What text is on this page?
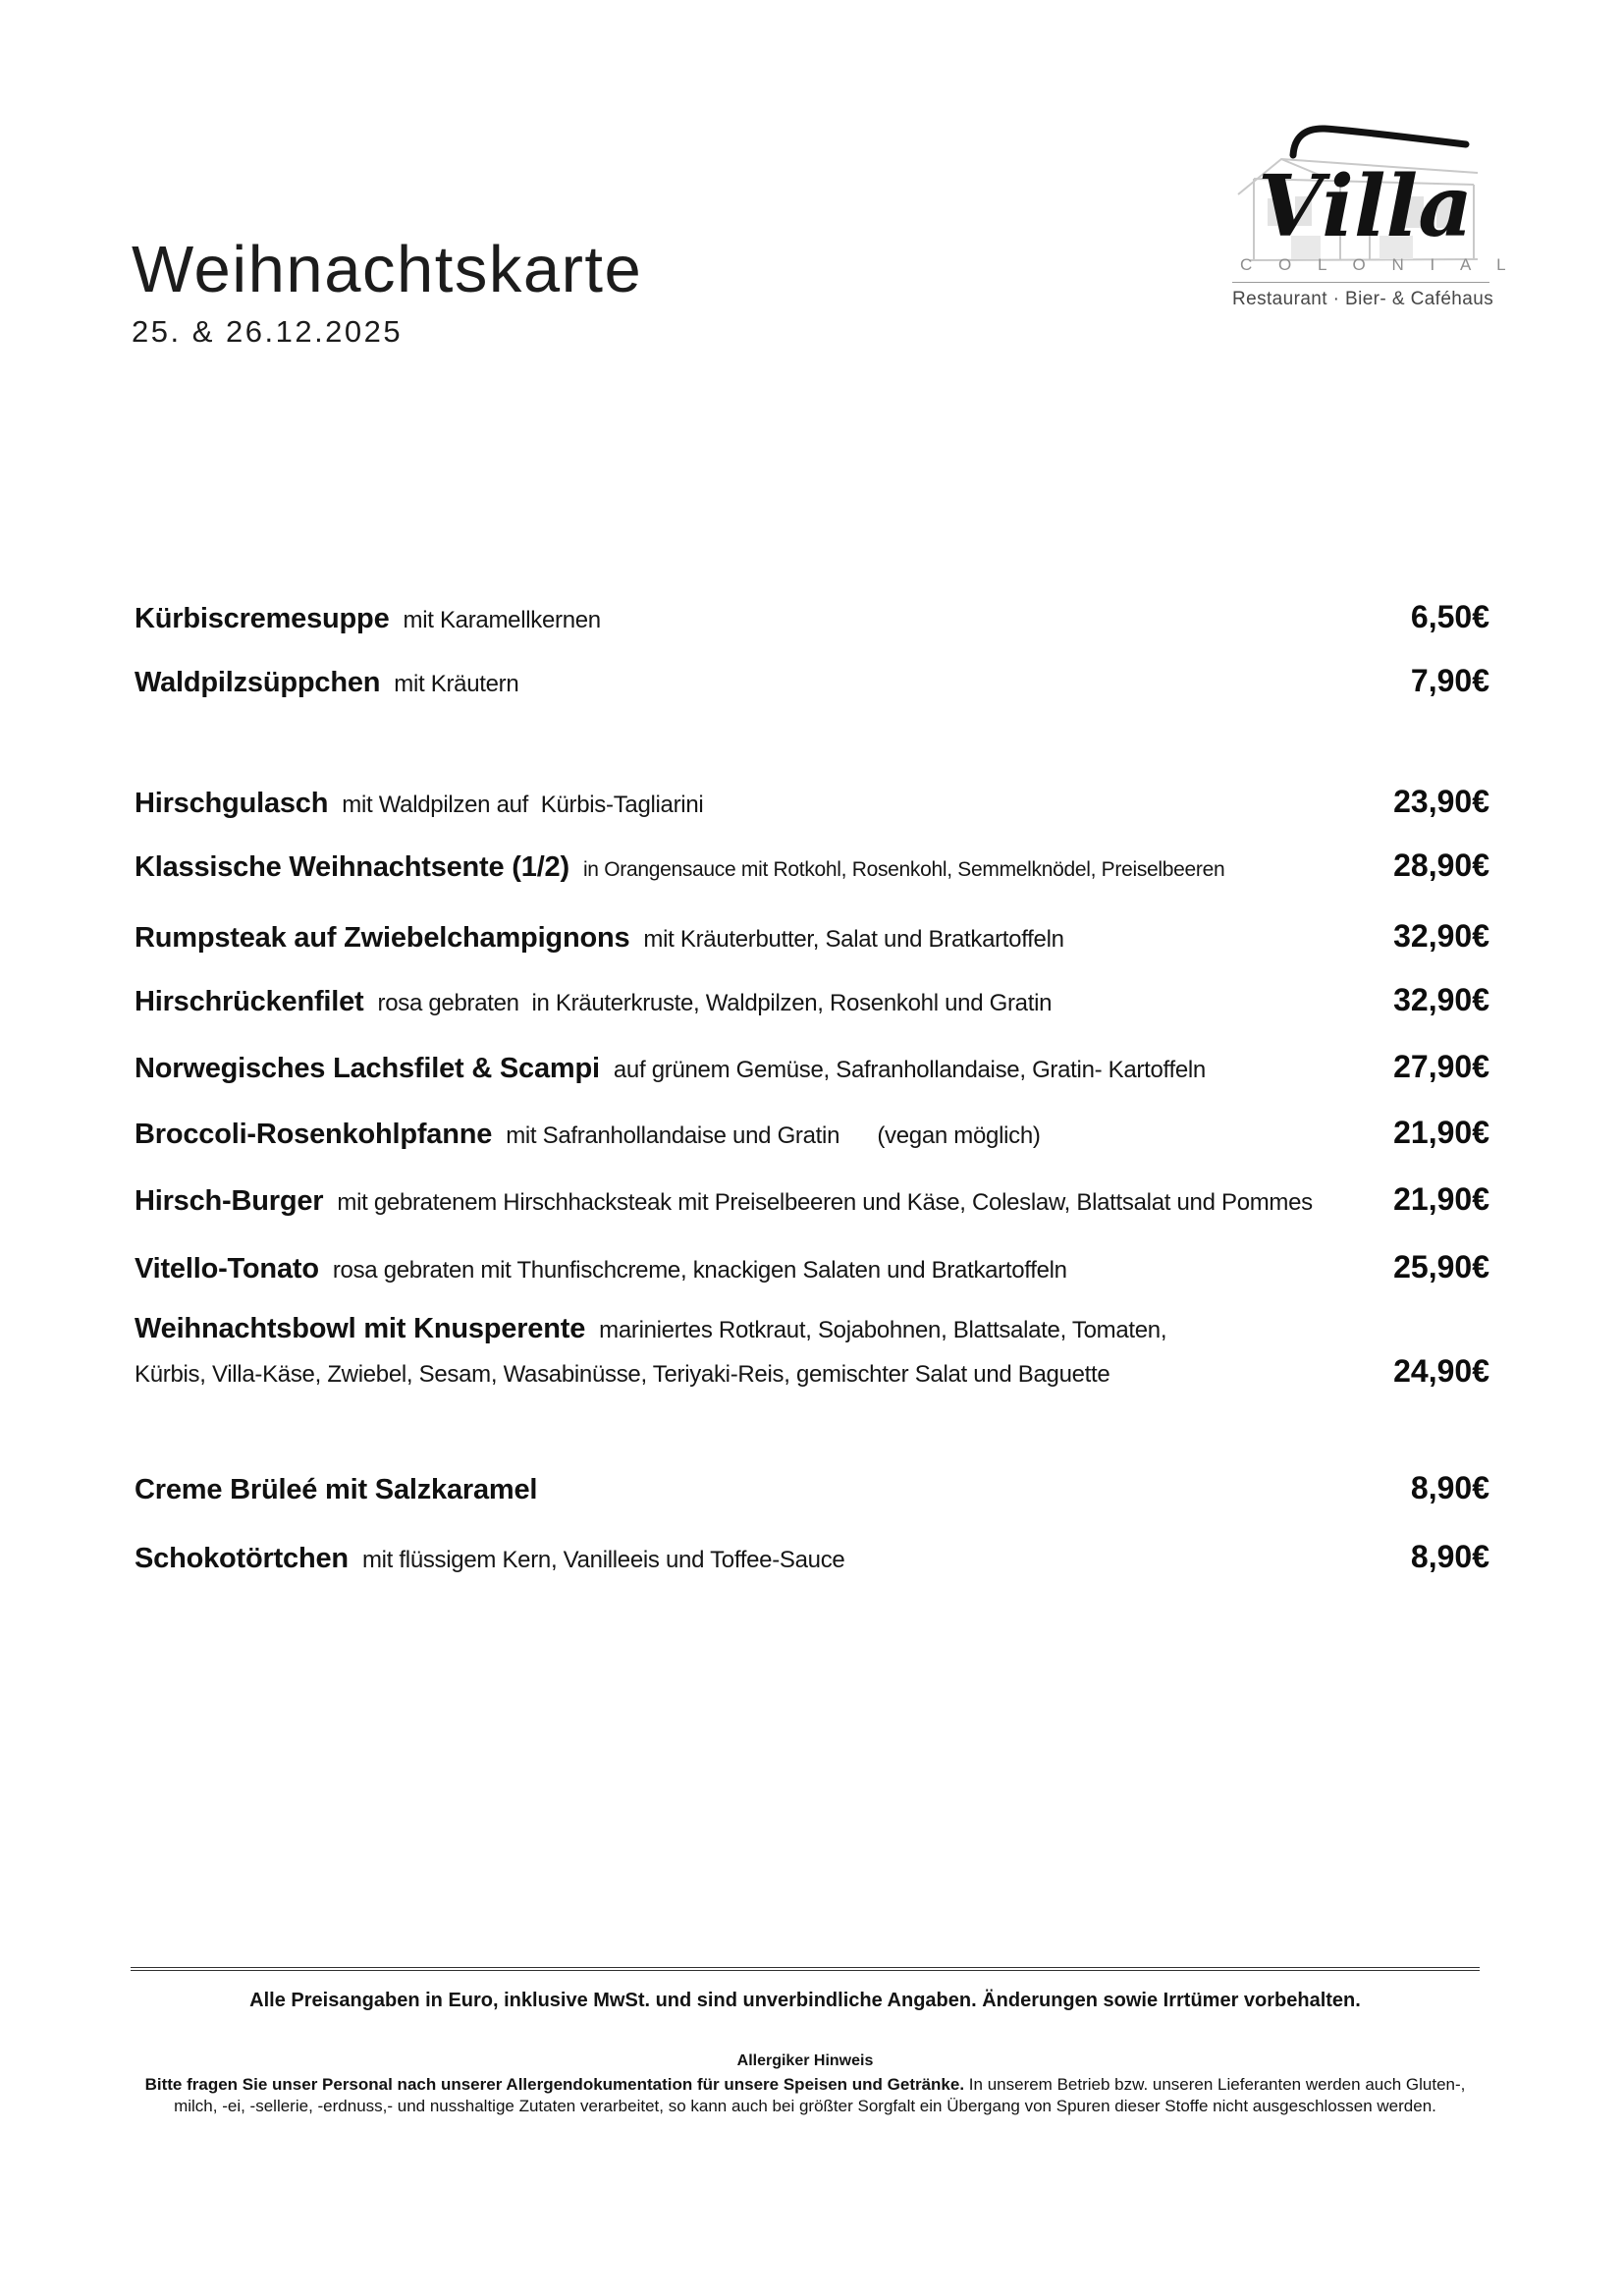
Villa
C O L O N I A L
Restaurant · Bier- & Caféhaus
Weihnachtskarte
25. & 26.12.2025
Kürbiscremesuppe mit Karamellkernen	6,50€
Waldpilzsüppchen mit Kräutern	7,90€
Hirschgulasch mit Waldpilzen auf  Kürbis-Tagliarini	23,90€
Klassische Weihnachtsente (1/2) in Orangensauce mit Rotkohl, Rosenkohl, Semmelknödel, Preiselbeeren	28,90€
Rumpsteak auf Zwiebelchampignons mit Kräuterbutter, Salat und Bratkartoffeln	32,90€
Hirschrückenfilet rosa gebraten  in Kräuterkruste, Waldpilzen, Rosenkohl und Gratin	32,90€
Norwegisches Lachsfilet & Scampi auf grünem Gemüse, Safranhollandaise, Gratin- Kartoffeln	27,90€
Broccoli-Rosenkohlpfanne mit Safranhollandaise und Gratin      (vegan möglich)	21,90€
Hirsch-Burger mit gebratenem Hirschhacksteak mit Preiselbeeren und Käse, Coleslaw, Blattsalat und Pommes	21,90€
Vitello-Tonato rosa gebraten mit Thunfischcreme, knackigen Salaten und Bratkartoffeln	25,90€
Weihnachtsbowl mit Knusperente mariniertes Rotkraut, Sojabohnen, Blattsalate, Tomaten,
Kürbis, Villa-Käse, Zwiebel, Sesam, Wasabinüsse, Teriyaki-Reis, gemischter Salat und Baguette	24,90€
Creme Brüleé mit Salzkaramel	8,90€
Schokotörtchen mit flüssigem Kern, Vanilleeis und Toffee-Sauce	8,90€
Alle Preisangaben in Euro, inklusive MwSt. und sind unverbindliche Angaben. Änderungen sowie Irrtümer vorbehalten.
Allergiker Hinweis
Bitte fragen Sie unser Personal nach unserer Allergendokumentation für unsere Speisen und Getränke. In unserem Betrieb bzw. unseren Lieferanten werden auch Gluten-, milch, -ei, -sellerie, -erdnuss,- und nusshaltige Zutaten verarbeitet, so kann auch bei größter Sorgfalt ein Übergang von Spuren dieser Stoffe nicht ausgeschlossen werden.
